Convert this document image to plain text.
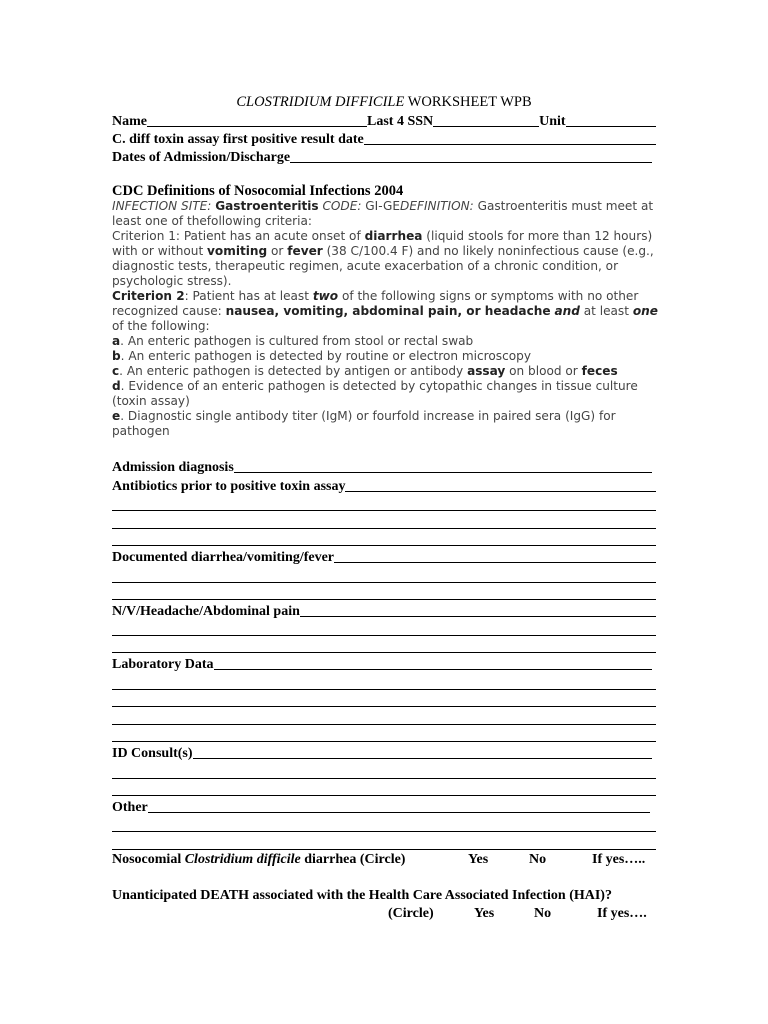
CLOSTRIDIUM DIFFICILE WORKSHEET WPB
Name	Last 4 SSN	Unit
C. diff toxin assay first positive result date
Dates of Admission/Discharge
CDC Definitions of Nosocomial Infections 2004

INFECTION SITE: Gastroenteritis CODE: GI-GEDEFINITION: Gastroenteritis must meet at least one of thefollowing criteria:

Criterion 1: Patient has an acute onset of diarrhea (liquid stools for more than 12 hours) with or without vomiting or fever (38 C/100.4 F) and no likely noninfectious cause (e.g., diagnostic tests, therapeutic regimen, acute exacerbation of a chronic condition, or psychologic stress).

Criterion 2: Patient has at least two of the following signs or symptoms with no other recognized cause: nausea, vomiting, abdominal pain, or headache and at least one of the following:

a. An enteric pathogen is cultured from stool or rectal swab

b. An enteric pathogen is detected by routine or electron microscopy

c. An enteric pathogen is detected by antigen or antibody assay on blood or feces

d. Evidence of an enteric pathogen is detected by cytopathic changes in tissue culture (toxin assay)

e. Diagnostic single antibody titer (IgM) or fourfold increase in paired sera (IgG) for pathogen

Admission diagnosis
Antibiotics prior to positive toxin assay
Documented diarrhea/vomiting/fever
N/V/Headache/Abdominal pain
Laboratory Data
ID Consult(s)
Other
Nosocomial Clostridium difficile diarrhea (Circle)	Yes	No	If yes…..
Unanticipated DEATH associated with the Health Care Associated Infection (HAI)?
(Circle)	Yes	No	If yes….
